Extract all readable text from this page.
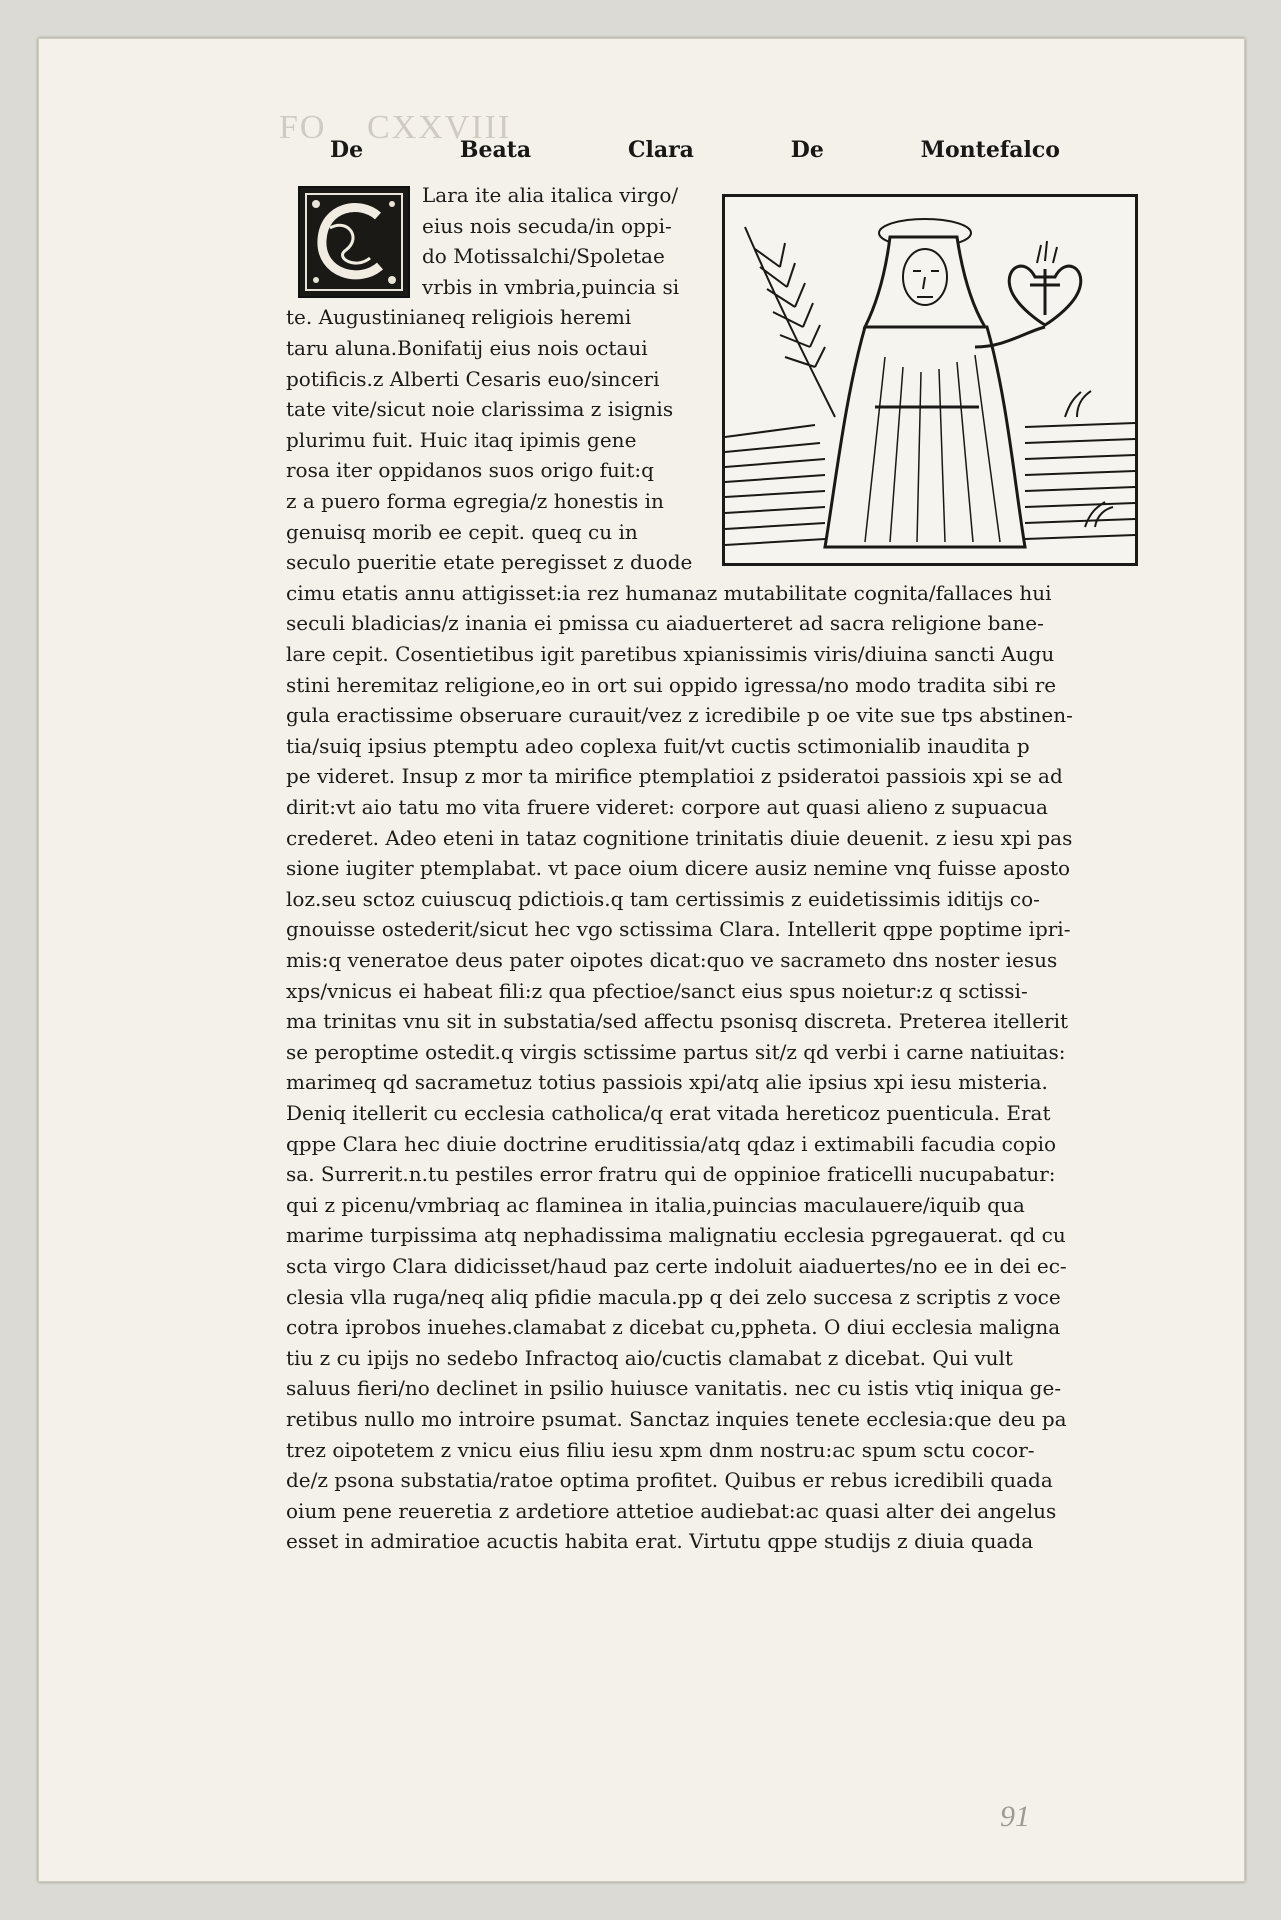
FO CXXVIII
De	Beata	Clara	De	Montefalco
Lara ite alia italica virgo/
eius nois secuda/in oppi-
do Motissalchi/Spoletae
vrbis in vmbria,puincia si
te. Augustinianeq religiois heremi
taru aluna.Bonifatij eius nois octaui
potificis.z Alberti Cesaris euo/sinceri
tate vite/sicut noie clarissima z isignis
plurimu fuit. Huic itaq ipimis gene
rosa iter oppidanos suos origo fuit:q
z a puero forma egregia/z honestis in
genuisq morib ee cepit. queq cu in
seculo pueritie etate peregisset z duode
cimu etatis annu attigisset:ia rez humanaz mutabilitate cognita/fallaces hui
seculi bladicias/z inania ei pmissa cu aiaduerteret ad sacra religione bane-
lare cepit. Cosentietibus igit paretibus xpianissimis viris/diuina sancti Augu
stini heremitaz religione,eo in ort sui oppido igressa/no modo tradita sibi re
gula eractissime obseruare curauit/vez z icredibile p oe vite sue tps abstinen-
tia/suiq ipsius ptemptu adeo coplexa fuit/vt cuctis sctimonialib inaudita p
pe videret. Insup z mor ta mirifice ptemplatioi z psideratoi passiois xpi se ad
dirit:vt aio tatu mo vita fruere videret: corpore aut quasi alieno z supuacua
crederet. Adeo eteni in tataz cognitione trinitatis diuie deuenit. z iesu xpi pas
sione iugiter ptemplabat. vt pace oium dicere ausiz nemine vnq fuisse aposto
loz.seu sctoz cuiuscuq pdictiois.q tam certissimis z euidetissimis iditijs co-
gnouisse ostederit/sicut hec vgo sctissima Clara. Intellerit qppe poptime ipri-
mis:q veneratoe deus pater oipotes dicat:quo ve sacrameto dns noster iesus
xps/vnicus ei habeat fili:z qua pfectioe/sanct eius spus noietur:z q sctissi-
ma trinitas vnu sit in substatia/sed affectu psonisq discreta. Preterea itellerit
se peroptime ostedit.q virgis sctissime partus sit/z qd verbi i carne natiuitas:
marimeq qd sacrametuz totius passiois xpi/atq alie ipsius xpi iesu misteria.
Deniq itellerit cu ecclesia catholica/q erat vitada hereticoz puenticula. Erat
qppe Clara hec diuie doctrine eruditissia/atq qdaz i extimabili facudia copio
sa. Surrerit.n.tu pestiles error fratru qui de oppinioe fraticelli nucupabatur:
qui z picenu/vmbriaq ac flaminea in italia,puincias maculauere/iquib qua
marime turpissima atq nephadissima malignatiu ecclesia pgregauerat. qd cu
scta virgo Clara didicisset/haud paz certe indoluit aiaduertes/no ee in dei ec-
clesia vlla ruga/neq aliq pfidie macula.pp q dei zelo succesa z scriptis z voce
cotra iprobos inuehes.clamabat z dicebat cu,ppheta. O diui ecclesia maligna
tiu z cu ipijs no sedebo Infractoq aio/cuctis clamabat z dicebat. Qui vult
saluus fieri/no declinet in psilio huiusce vanitatis. nec cu istis vtiq iniqua ge-
retibus nullo mo introire psumat. Sanctaz inquies tenete ecclesia:que deu pa
trez oipotetem z vnicu eius filiu iesu xpm dnm nostru:ac spum sctu cocor-
de/z psona substatia/ratoe optima profitet. Quibus er rebus icredibili quada
oium pene reueretia z ardetiore attetioe audiebat:ac quasi alter dei angelus
esset in admiratioe acuctis habita erat. Virtutu qppe studijs z diuia quada
91
